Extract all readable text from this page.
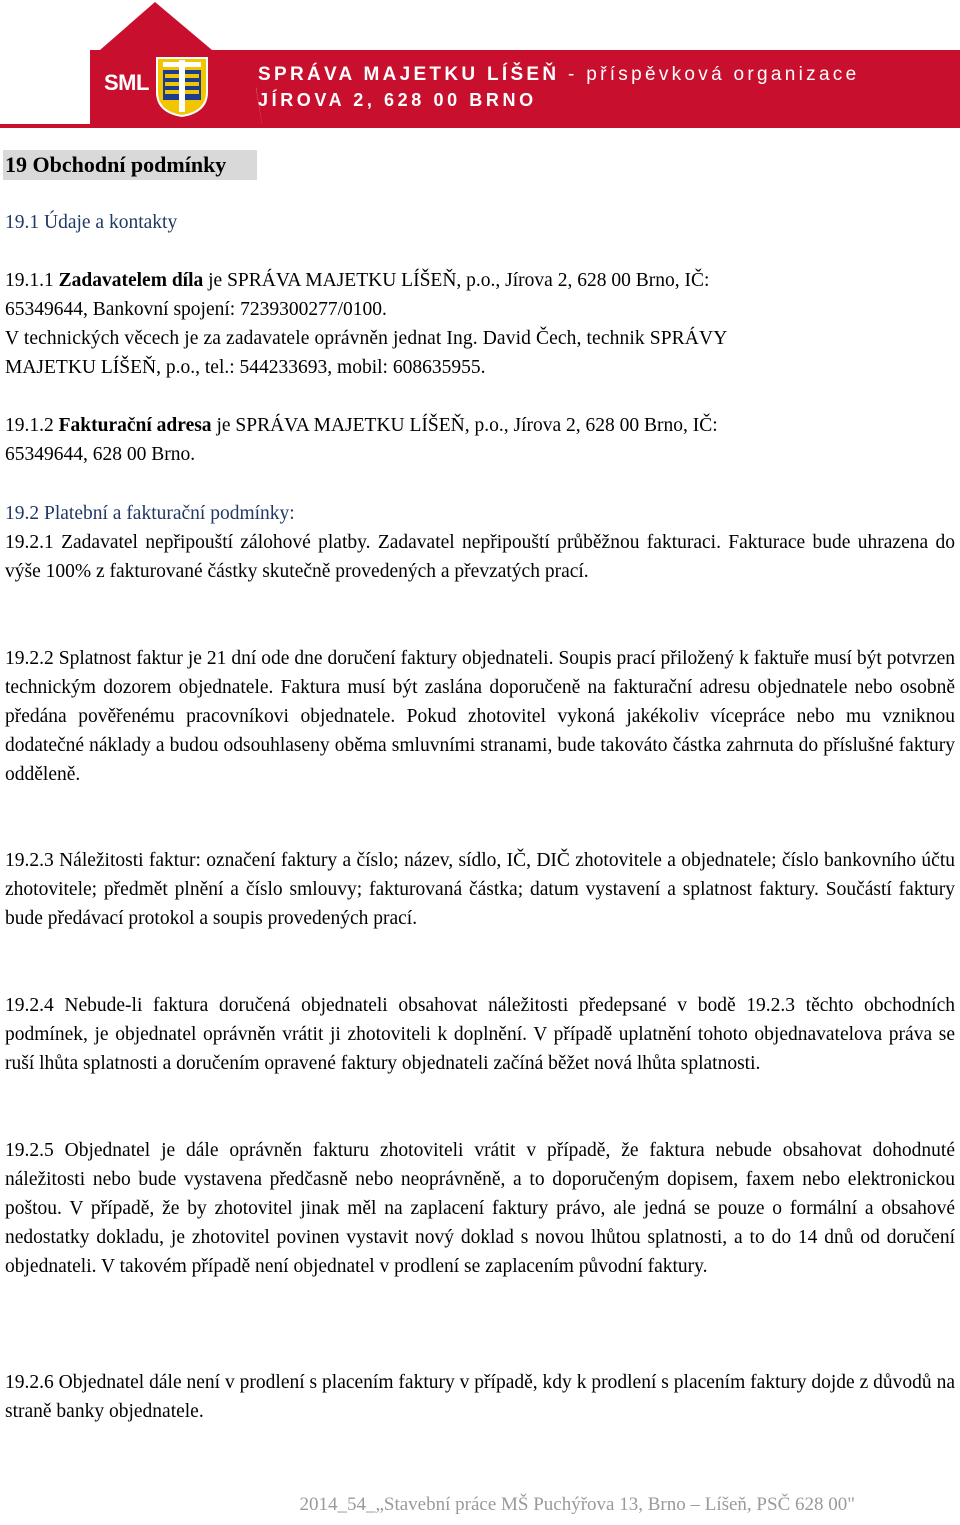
SML	SPRÁVA MAJETKU LÍŠEŇ - příspěvková organizace
JÍROVA 2, 628 00 BRNO
19 Obchodní podmínky
19.1 Údaje a kontakty
19.1.1 Zadavatelem díla je SPRÁVA MAJETKU LÍŠEŇ, p.o., Jírova 2, 628 00 Brno, IČ:
65349644, Bankovní spojení: 7239300277/0100.
V technických věcech je za zadavatele oprávněn jednat Ing. David Čech, technik SPRÁVY
MAJETKU LÍŠEŇ, p.o., tel.: 544233693, mobil: 608635955.
19.1.2 Fakturační adresa je SPRÁVA MAJETKU LÍŠEŇ, p.o., Jírova 2, 628 00 Brno, IČ:
65349644, 628 00 Brno.
19.2 Platební a fakturační podmínky:

19.2.1 Zadavatel nepřipouští zálohové platby. Zadavatel nepřipouští průběžnou fakturaci. Fakturace bude uhrazena do výše 100% z fakturované částky skutečně provedených a převzatých prací.

19.2.2 Splatnost faktur je 21 dní ode dne doručení faktury objednateli. Soupis prací přiložený k faktuře musí být potvrzen technickým dozorem objednatele. Faktura musí být zaslána doporučeně na fakturační adresu objednatele nebo osobně předána pověřenému pracovníkovi objednatele. Pokud zhotovitel vykoná jakékoliv vícepráce nebo mu vzniknou dodatečné náklady a budou odsouhlaseny oběma smluvními stranami, bude takováto částka zahrnuta do příslušné faktury odděleně.

19.2.3 Náležitosti faktur: označení faktury a číslo; název, sídlo, IČ, DIČ zhotovitele a objednatele; číslo bankovního účtu zhotovitele; předmět plnění a číslo smlouvy; fakturovaná částka; datum vystavení a splatnost faktury. Součástí faktury bude předávací protokol a soupis provedených prací.

19.2.4 Nebude-li faktura doručená objednateli obsahovat náležitosti předepsané v bodě 19.2.3 těchto obchodních podmínek, je objednatel oprávněn vrátit ji zhotoviteli k doplnění. V případě uplatnění tohoto objednavatelova práva se ruší lhůta splatnosti a doručením opravené faktury objednateli začíná běžet nová lhůta splatnosti.

19.2.5 Objednatel je dále oprávněn fakturu zhotoviteli vrátit v případě, že faktura nebude obsahovat dohodnuté náležitosti nebo bude vystavena předčasně nebo neoprávněně, a to doporučeným dopisem, faxem nebo elektronickou poštou. V případě, že by zhotovitel jinak měl na zaplacení faktury právo, ale jedná se pouze o formální a obsahové nedostatky dokladu, je zhotovitel povinen vystavit nový doklad s novou lhůtou splatnosti, a to do 14 dnů od doručení objednateli. V takovém případě není objednatel v prodlení se zaplacením původní faktury.

19.2.6 Objednatel dále není v prodlení s placením faktury v případě, kdy k prodlení s placením faktury dojde z důvodů na straně banky objednatele.

2014_54_„Stavební práce MŠ Puchýřova 13, Brno – Líšeň, PSČ 628 00"
